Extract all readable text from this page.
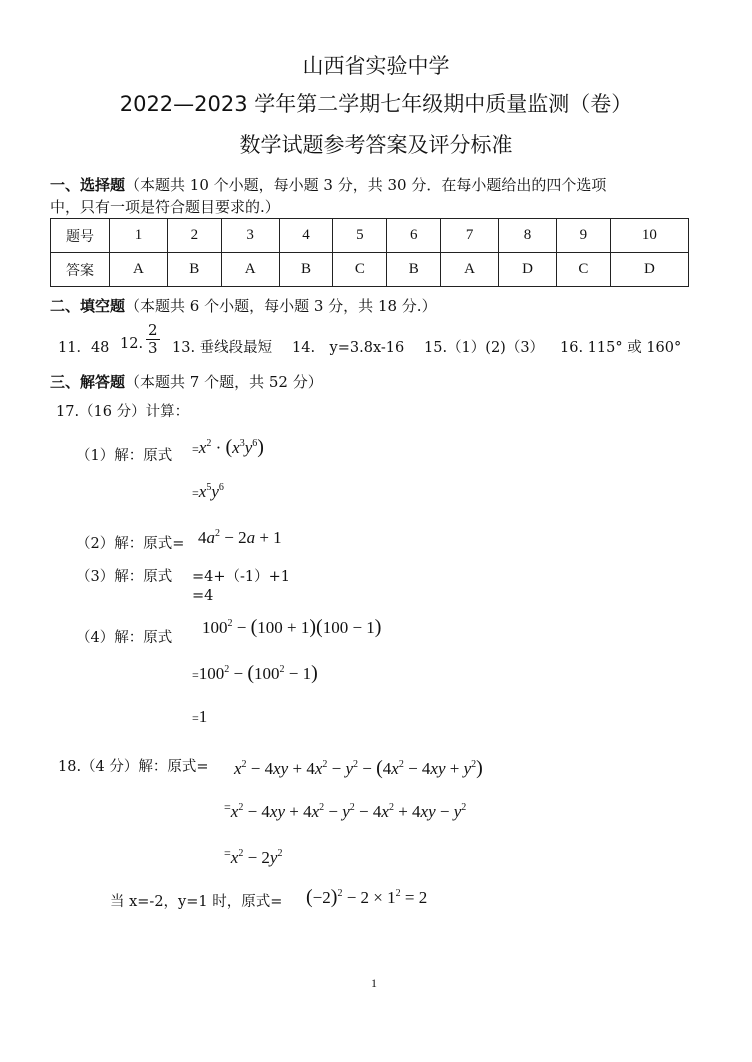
山西省实验中学
2022—2023 学年第二学期七年级期中质量监测（卷）
数学试题参考答案及评分标准
一、选择题（本题共 10 个小题，每小题 3 分，共 30 分．在每小题给出的四个选项
中，只有一项是符合题目要求的.）
题号	1	2	3	4	5	6	7	8	9	10
答案	A	B	A	B	C	B	A	D	C	D
二、填空题（本题共 6 个小题，每小题 3 分，共 18 分.）
11．48 12. $\frac{2}{3} 13$. 垂线段最短 14.　y=3.8x-16 15.（1）(2)（3） 16. 115° 或 160°
三、解答题（本题共 7 个题，共 52 分）
17.（16 分）计算：
（1）解：原式 $=x^2 \cdot (x^3y^6)$
$=x^5y^6$
（2）解：原式= $4a^2 - 2a + 1$
（3）解：原式 =4+（-1）+1
=4
（4）解：原式
$100^2 - (100 + 1)(100 - 1)$
$=100^2 - (100^2 - 1)$
=1
18.（4 分）解：原式= $x^2 - 4xy + 4x^2 - y^2 - (4x^2 - 4xy + y^2)$
$^=x^2 - 4xy + 4x^2 - y^2 - 4x^2 + 4xy - y^2$
$^=x^2 - 2y^2$
当 x=-2，y=1 时，原式= $(-2)^2 - 2 \times 1^2 = 2$
1
